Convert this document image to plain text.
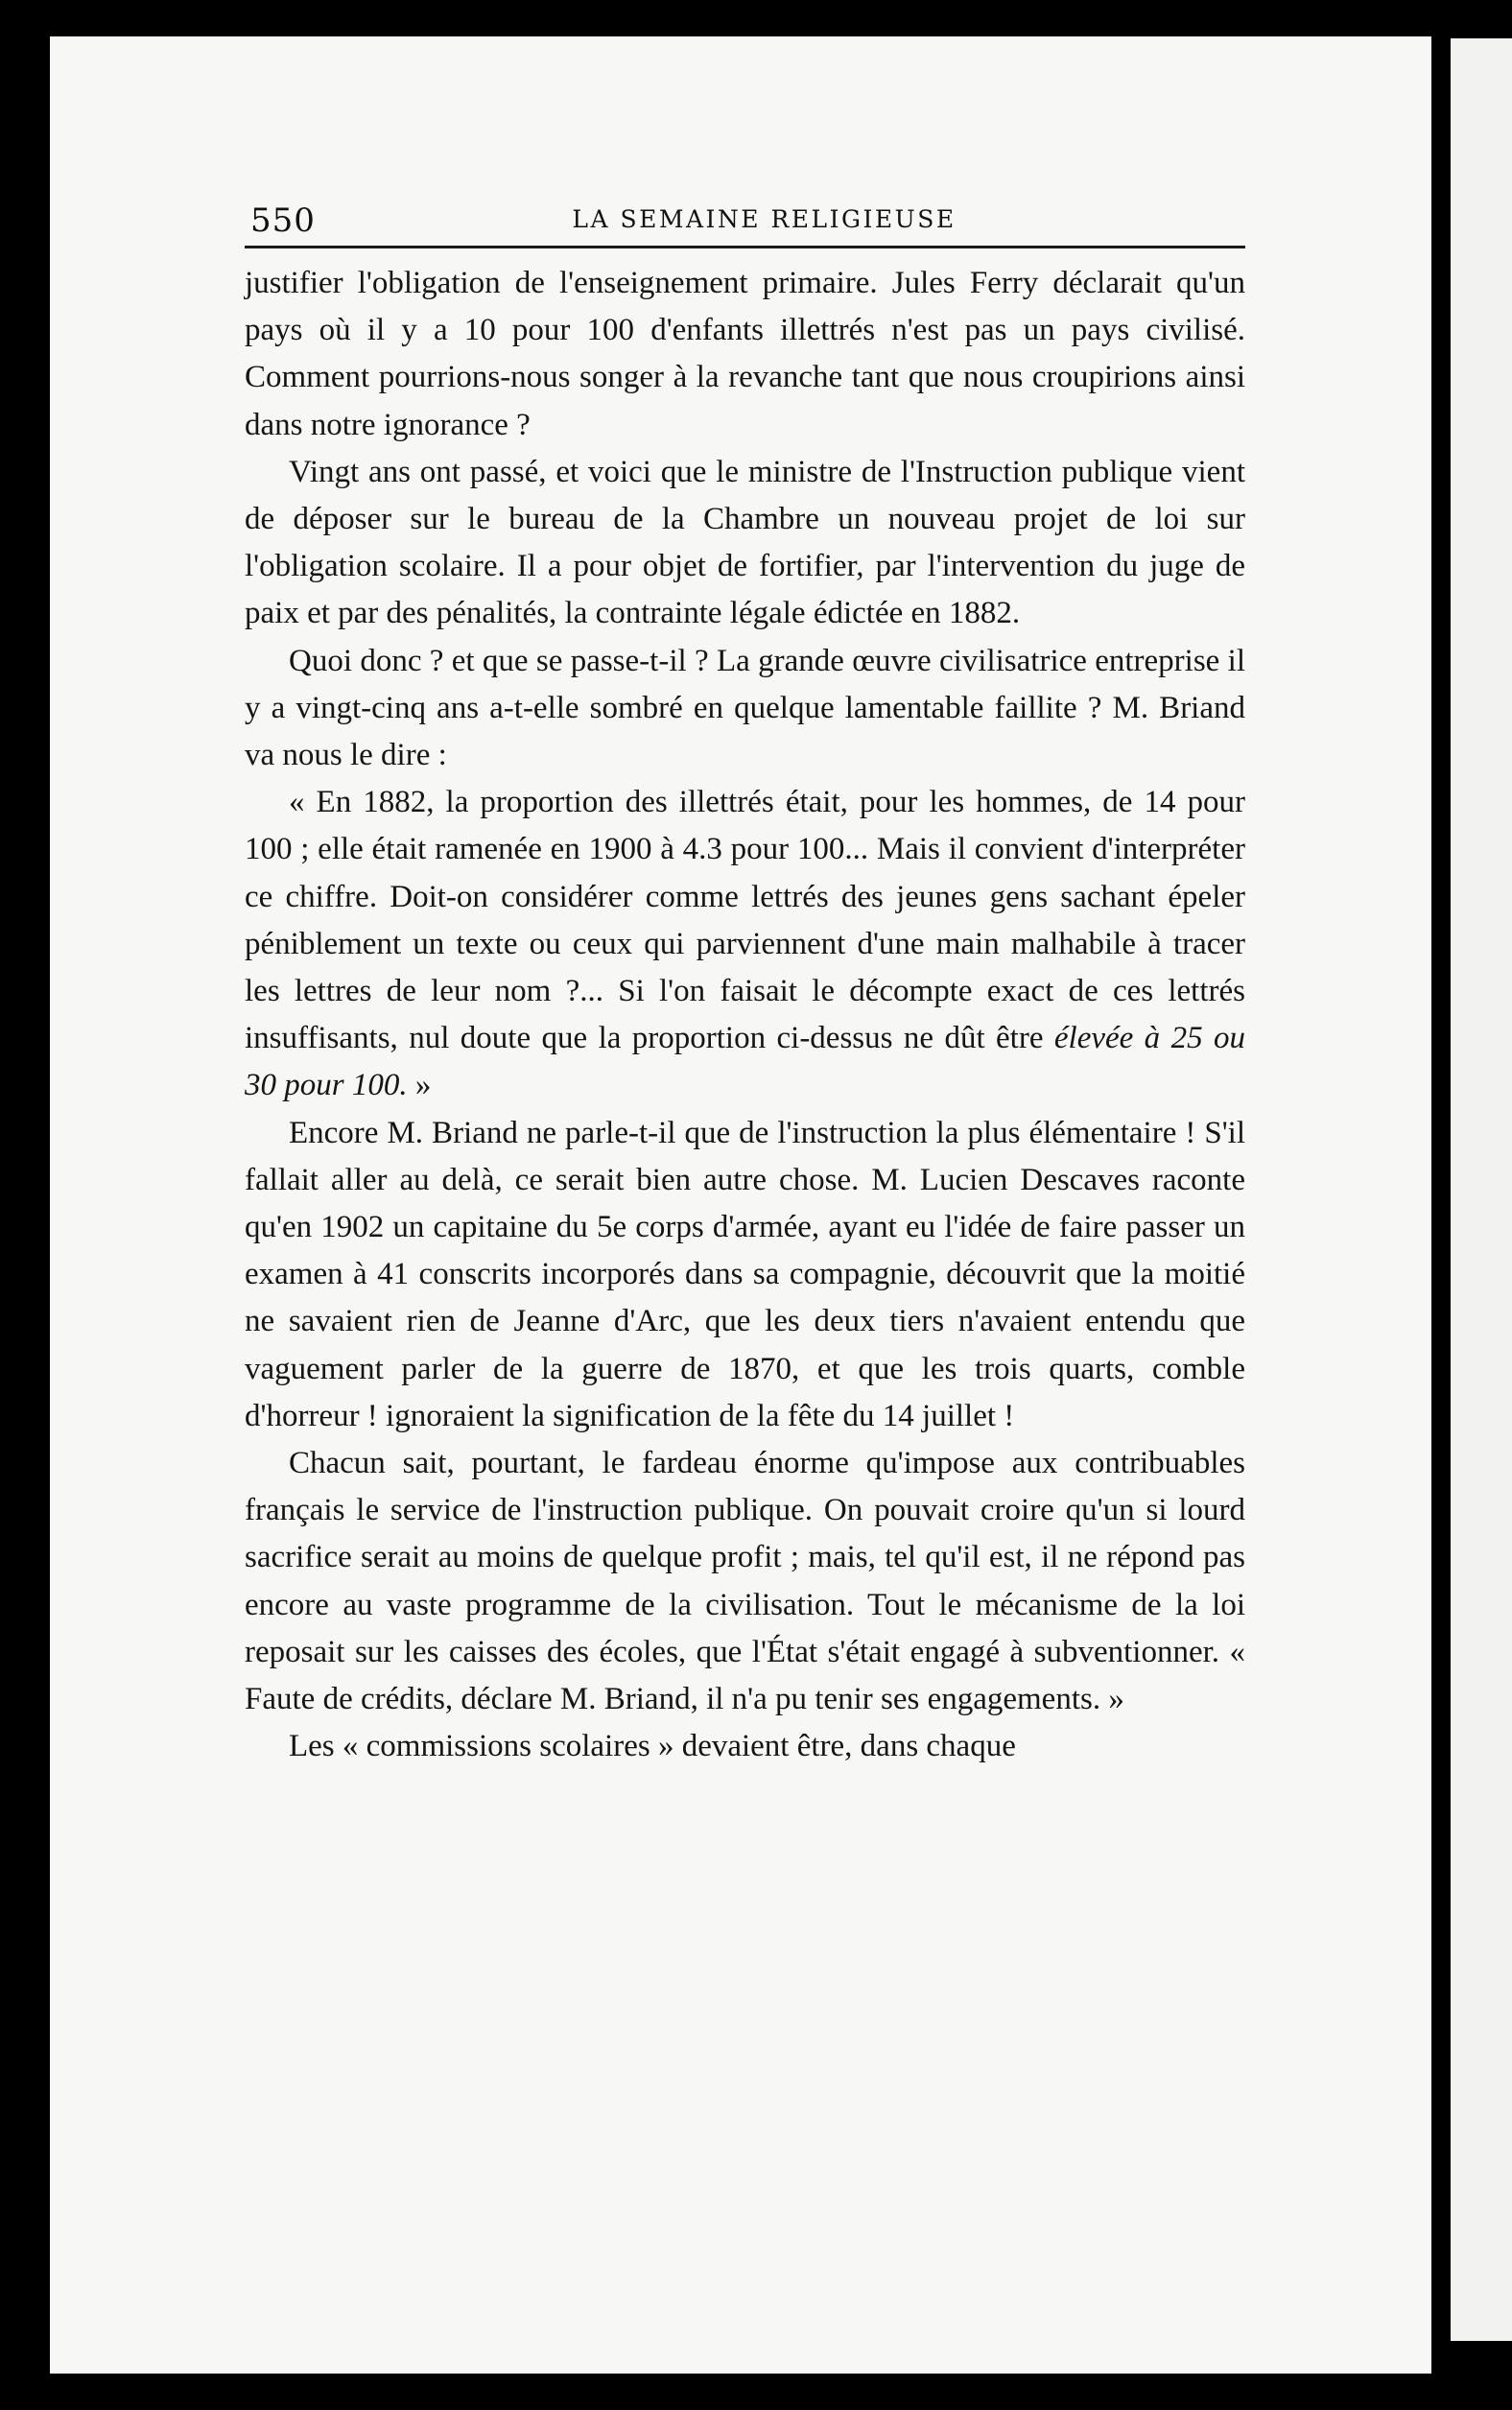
550	LA SEMAINE RELIGIEUSE

justifier l'obligation de l'enseignement primaire. Jules Ferry déclarait qu'un pays où il y a 10 pour 100 d'enfants illettrés n'est pas un pays civilisé. Comment pourrions-nous songer à la revanche tant que nous croupirions ainsi dans notre ignorance ?

Vingt ans ont passé, et voici que le ministre de l'Instruction publique vient de déposer sur le bureau de la Chambre un nouveau projet de loi sur l'obligation scolaire. Il a pour objet de fortifier, par l'intervention du juge de paix et par des pénalités, la contrainte légale édictée en 1882.

Quoi donc ? et que se passe-t-il ? La grande œuvre civilisatrice entreprise il y a vingt-cinq ans a-t-elle sombré en quelque lamentable faillite ? M. Briand va nous le dire :

« En 1882, la proportion des illettrés était, pour les hommes, de 14 pour 100 ; elle était ramenée en 1900 à 4.3 pour 100... Mais il convient d'interpréter ce chiffre. Doit-on considérer comme lettrés des jeunes gens sachant épeler péniblement un texte ou ceux qui parviennent d'une main malhabile à tracer les lettres de leur nom ?... Si l'on faisait le décompte exact de ces lettrés insuffisants, nul doute que la proportion ci-dessus ne dût être élevée à 25 ou 30 pour 100. »

Encore M. Briand ne parle-t-il que de l'instruction la plus élémentaire ! S'il fallait aller au delà, ce serait bien autre chose. M. Lucien Descaves raconte qu'en 1902 un capitaine du 5e corps d'armée, ayant eu l'idée de faire passer un examen à 41 conscrits incorporés dans sa compagnie, découvrit que la moitié ne savaient rien de Jeanne d'Arc, que les deux tiers n'avaient entendu que vaguement parler de la guerre de 1870, et que les trois quarts, comble d'horreur ! ignoraient la signification de la fête du 14 juillet !

Chacun sait, pourtant, le fardeau énorme qu'impose aux contribuables français le service de l'instruction publique. On pouvait croire qu'un si lourd sacrifice serait au moins de quelque profit ; mais, tel qu'il est, il ne répond pas encore au vaste programme de la civilisation. Tout le mécanisme de la loi reposait sur les caisses des écoles, que l'État s'était engagé à subventionner. « Faute de crédits, déclare M. Briand, il n'a pu tenir ses engagements. »

Les « commissions scolaires » devaient être, dans chaque
